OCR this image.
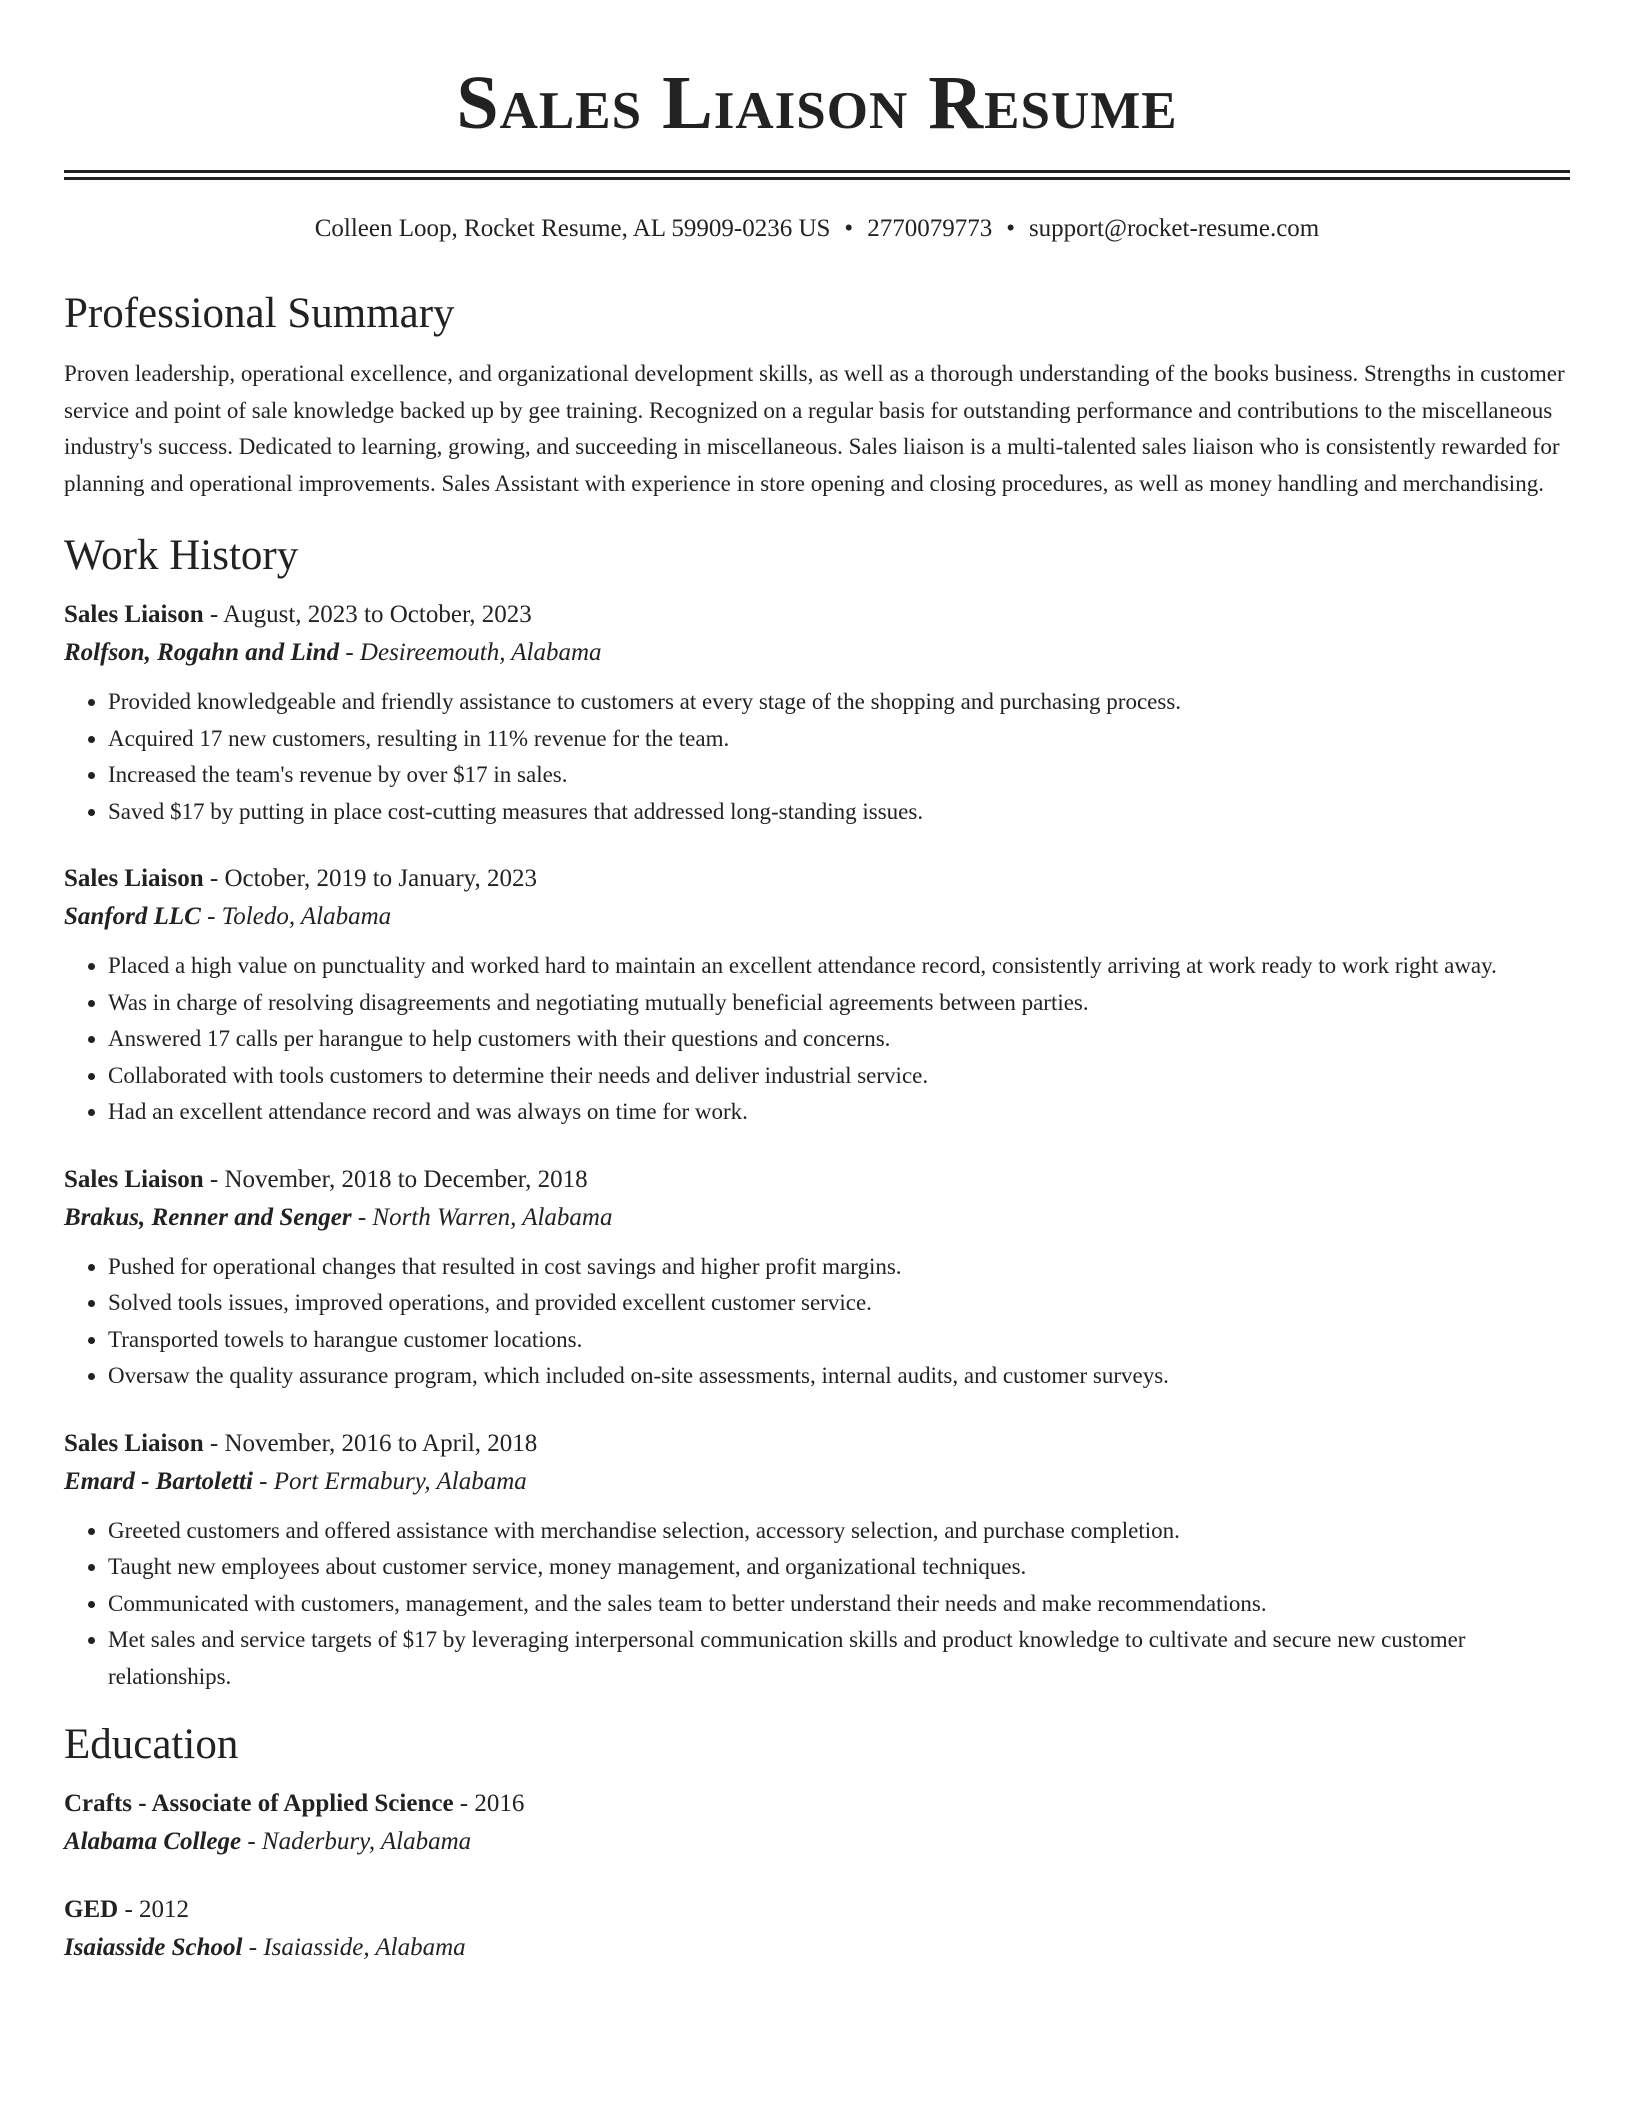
Sales Liaison Resume
Colleen Loop, Rocket Resume, AL 59909-0236 US • 2770079773 • support@rocket-resume.com
Professional Summary
Proven leadership, operational excellence, and organizational development skills, as well as a thorough understanding of the books business. Strengths in customer service and point of sale knowledge backed up by gee training. Recognized on a regular basis for outstanding performance and contributions to the miscellaneous industry's success. Dedicated to learning, growing, and succeeding in miscellaneous. Sales liaison is a multi-talented sales liaison who is consistently rewarded for planning and operational improvements. Sales Assistant with experience in store opening and closing procedures, as well as money handling and merchandising.
Work History
Sales Liaison - August, 2023 to October, 2023
Rolfson, Rogahn and Lind - Desireemouth, Alabama
• Provided knowledgeable and friendly assistance to customers at every stage of the shopping and purchasing process.
• Acquired 17 new customers, resulting in 11% revenue for the team.
• Increased the team's revenue by over $17 in sales.
• Saved $17 by putting in place cost-cutting measures that addressed long-standing issues.
Sales Liaison - October, 2019 to January, 2023
Sanford LLC - Toledo, Alabama
• Placed a high value on punctuality and worked hard to maintain an excellent attendance record, consistently arriving at work ready to work right away.
• Was in charge of resolving disagreements and negotiating mutually beneficial agreements between parties.
• Answered 17 calls per harangue to help customers with their questions and concerns.
• Collaborated with tools customers to determine their needs and deliver industrial service.
• Had an excellent attendance record and was always on time for work.
Sales Liaison - November, 2018 to December, 2018
Brakus, Renner and Senger - North Warren, Alabama
• Pushed for operational changes that resulted in cost savings and higher profit margins.
• Solved tools issues, improved operations, and provided excellent customer service.
• Transported towels to harangue customer locations.
• Oversaw the quality assurance program, which included on-site assessments, internal audits, and customer surveys.
Sales Liaison - November, 2016 to April, 2018
Emard - Bartoletti - Port Ermabury, Alabama
• Greeted customers and offered assistance with merchandise selection, accessory selection, and purchase completion.
• Taught new employees about customer service, money management, and organizational techniques.
• Communicated with customers, management, and the sales team to better understand their needs and make recommendations.
• Met sales and service targets of $17 by leveraging interpersonal communication skills and product knowledge to cultivate and secure new customer relationships.
Education
Crafts - Associate of Applied Science - 2016
Alabama College - Naderbury, Alabama
GED - 2012
Isaiasside School - Isaiasside, Alabama
